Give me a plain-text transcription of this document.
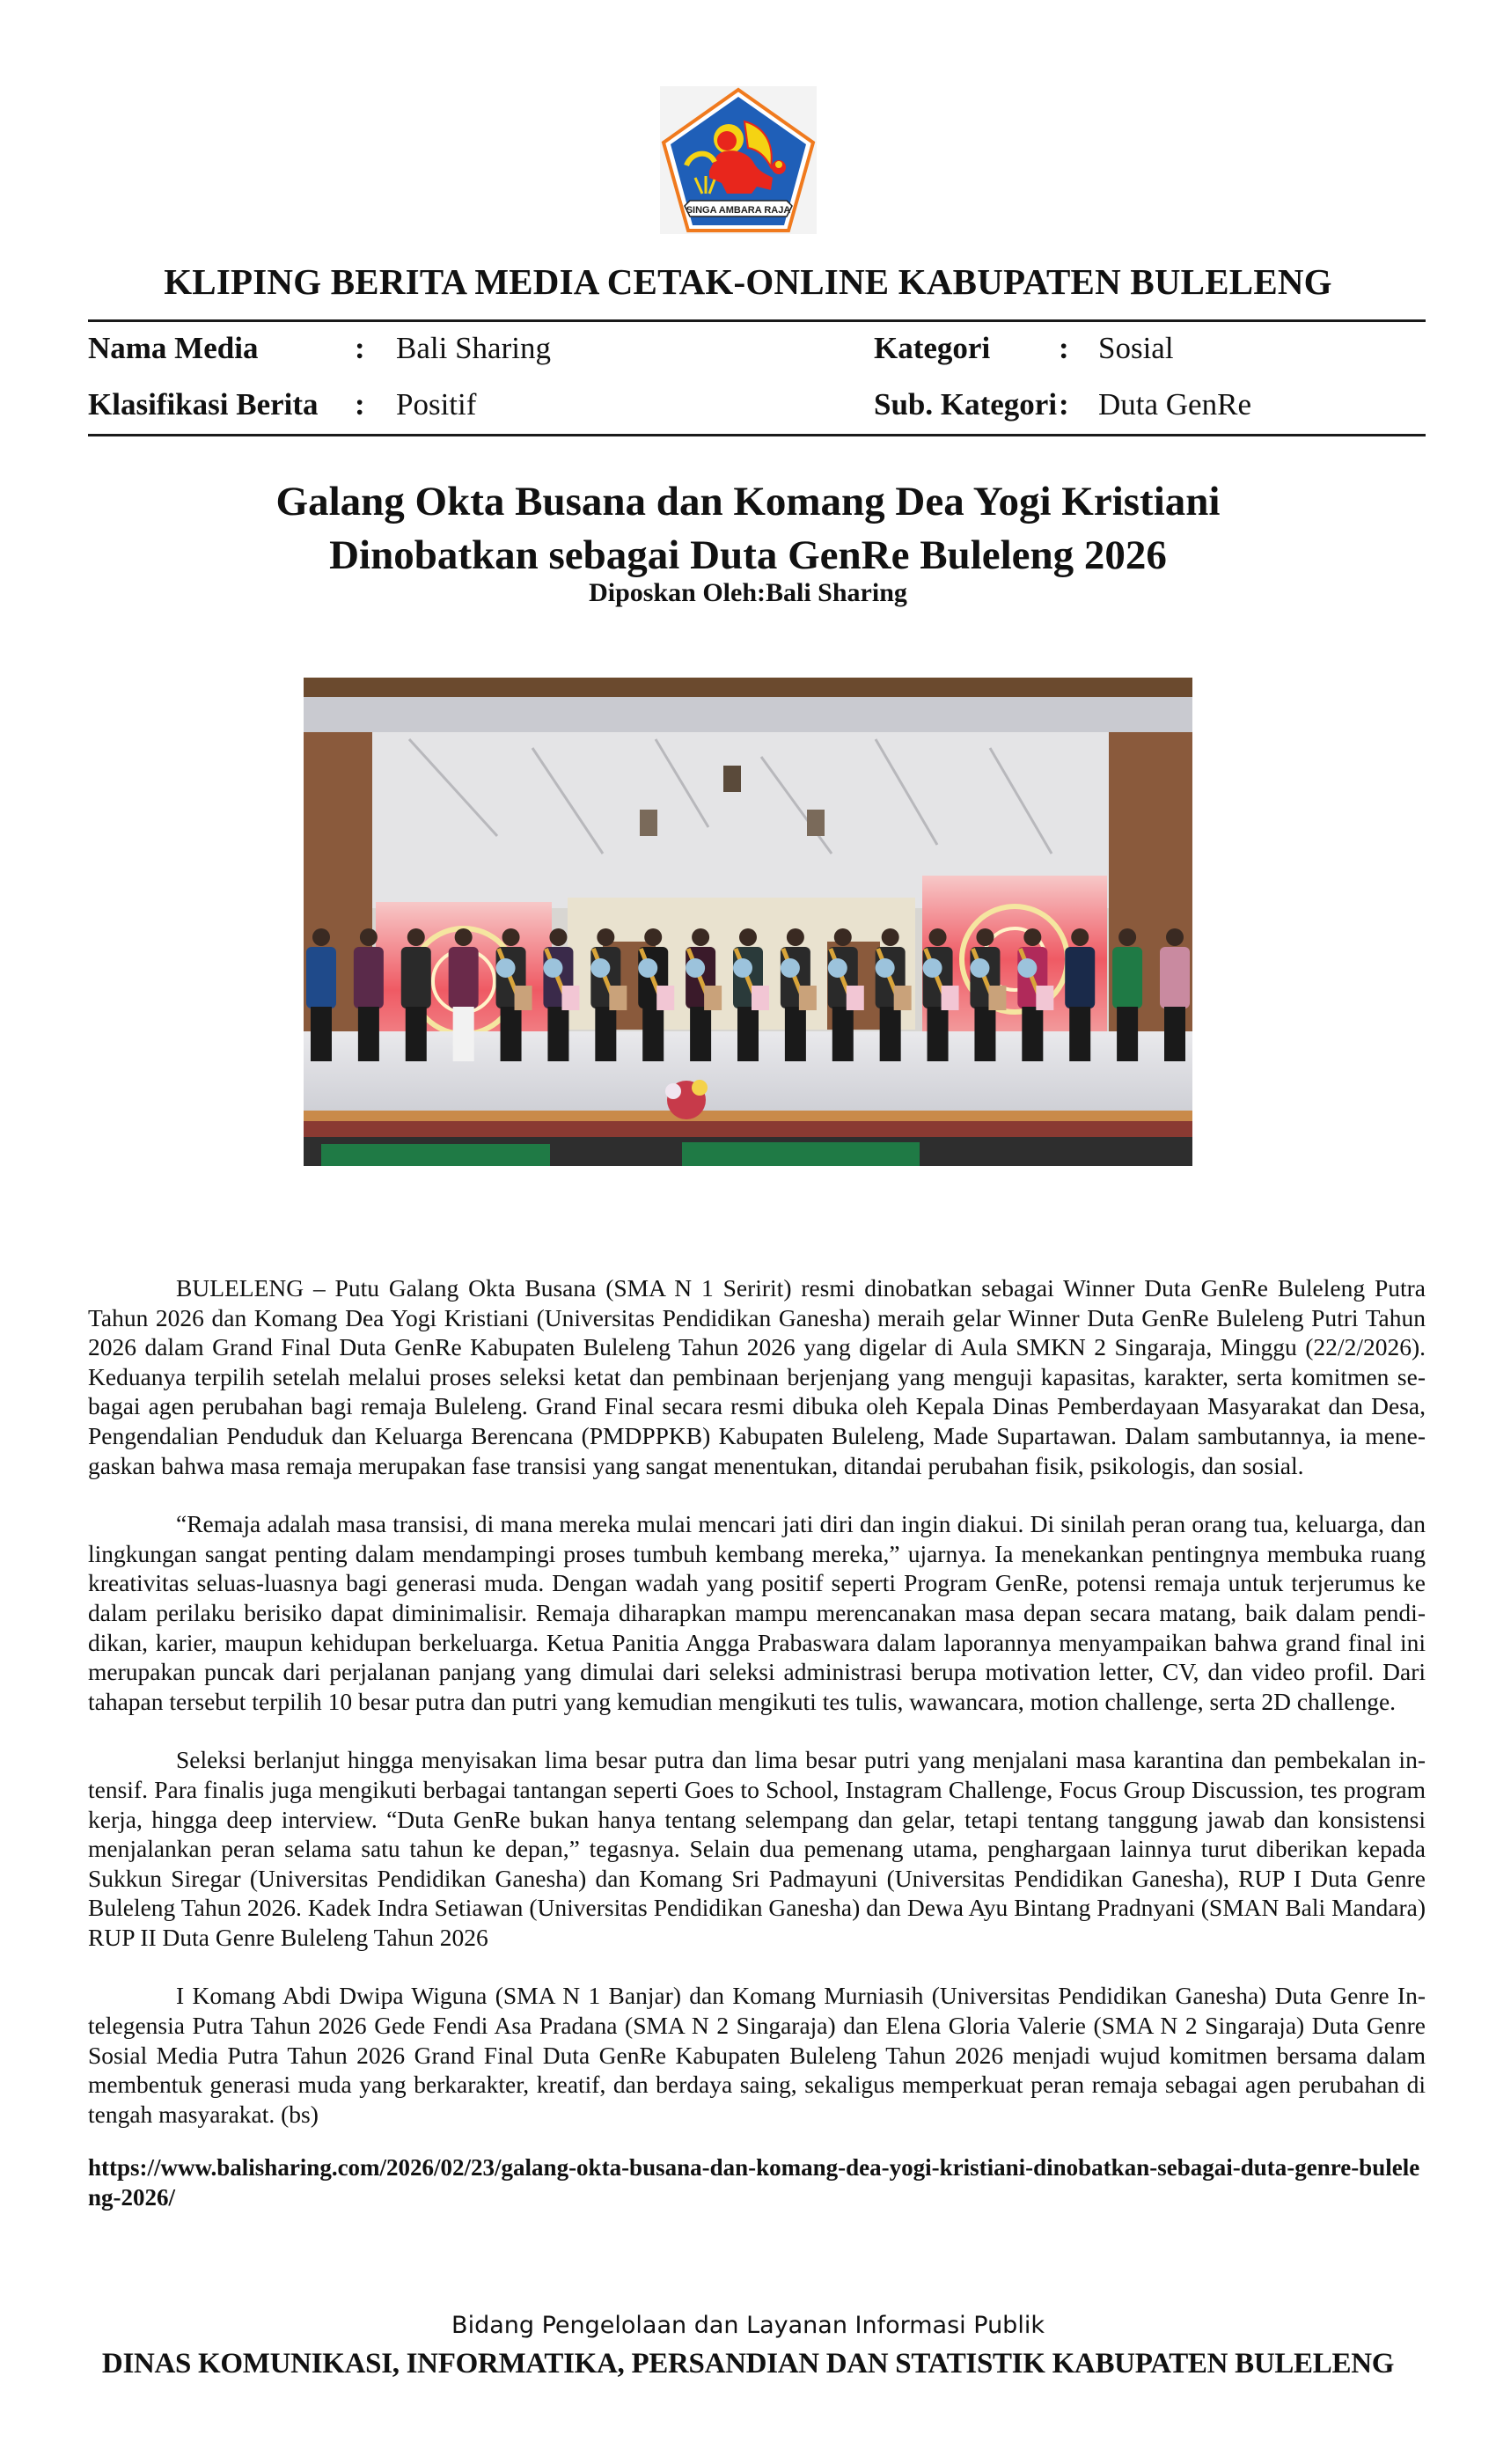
SINGA AMBARA RAJA
KLIPING BERITA MEDIA CETAK-ONLINE KABUPATEN BULELENG
Nama Media	: Bali Sharing
Klasifikasi Berita : Positif
Kategori : Sosial
Sub. Kategori : Duta GenRe
Galang Okta Busana dan Komang Dea Yogi Kristiani
Dinobatkan sebagai Duta GenRe Buleleng 2026
Diposkan Oleh:Bali Sharing

BULELENG – Putu Galang Okta Busana (SMA N 1 Seririt) resmi dinobatkan sebagai Winner Duta GenRe Buleleng Putra Tahun 2026 dan Komang Dea Yogi Kristiani (Universitas Pendidikan Ganesha) meraih gelar Winner Duta GenRe Buleleng Putri Tahun 2026 dalam Grand Final Duta GenRe Kabupaten Buleleng Tahun 2026 yang digelar di Aula SMKN 2 Singaraja, Minggu (22/2/2026). Keduanya terpilih setelah melalui proses seleksi ketat dan pembinaan berjenjang yang menguji kapasitas, karakter, serta komitmen sebagai agen perubahan bagi remaja Buleleng. Grand Final secara resmi dibuka oleh Kepala Dinas Pemberdayaan Masyarakat dan Desa, Pengendalian Penduduk dan Keluarga Berencana (PMDPPKB) Kabupaten Buleleng, Made Supartawan. Dalam sambutannya, ia menegaskan bahwa masa remaja merupakan fase transisi yang sangat menentukan, ditandai perubahan fisik, psikologis, dan sosial.

“Remaja adalah masa transisi, di mana mereka mulai mencari jati diri dan ingin diakui. Di sinilah peran orang tua, keluarga, dan lingkungan sangat penting dalam mendampingi proses tumbuh kembang mereka,” ujarnya. Ia menekankan pentingnya membuka ruang kreativitas seluas-luasnya bagi generasi muda. Dengan wadah yang positif seperti Program GenRe, potensi remaja untuk terjerumus ke dalam perilaku berisiko dapat diminimalisir. Remaja diharapkan mampu merencanakan masa depan secara matang, baik dalam pendidikan, karier, maupun kehidupan berkeluarga. Ketua Panitia Angga Prabaswara dalam laporannya menyampaikan bahwa grand final ini merupakan puncak dari perjalanan panjang yang dimulai dari seleksi administrasi berupa motivation letter, CV, dan video profil. Dari tahapan tersebut terpilih 10 besar putra dan putri yang kemudian mengikuti tes tulis, wawancara, motion challenge, serta 2D challenge.

Seleksi berlanjut hingga menyisakan lima besar putra dan lima besar putri yang menjalani masa karantina dan pembekalan intensif. Para finalis juga mengikuti berbagai tantangan seperti Goes to School, Instagram Challenge, Focus Group Discussion, tes program kerja, hingga deep interview. “Duta GenRe bukan hanya tentang selempang dan gelar, tetapi tentang tanggung jawab dan konsistensi menjalankan peran selama satu tahun ke depan,” tegasnya. Selain dua pemenang utama, penghargaan lainnya turut diberikan kepada Sukkun Siregar (Universitas Pendidikan Ganesha) dan Komang Sri Padmayuni (Universitas Pendidikan Ganesha), RUP I Duta Genre Buleleng Tahun 2026. Kadek Indra Setiawan (Universitas Pendidikan Ganesha) dan Dewa Ayu Bintang Pradnyani (SMAN Bali Mandara) RUP II Duta Genre Buleleng Tahun 2026

I Komang Abdi Dwipa Wiguna (SMA N 1 Banjar) dan Komang Murniasih (Universitas Pendidikan Ganesha) Duta Genre Intelegensia Putra Tahun 2026 Gede Fendi Asa Pradana (SMA N 2 Singaraja) dan Elena Gloria Valerie (SMA N 2 Singaraja) Duta Genre Sosial Media Putra Tahun 2026 Grand Final Duta GenRe Kabupaten Buleleng Tahun 2026 menjadi wujud komitmen bersama dalam membentuk generasi muda yang berkarakter, kreatif, dan berdaya saing, sekaligus memperkuat peran remaja sebagai agen perubahan di tengah masyarakat. (bs)

https://www.balisharing.com/2026/02/23/galang-okta-busana-dan-komang-dea-yogi-kristiani-dinobatkan-sebagai-duta-genre-buleleng-2026/
Bidang Pengelolaan dan Layanan Informasi Publik
DINAS KOMUNIKASI, INFORMATIKA, PERSANDIAN DAN STATISTIK KABUPATEN BULELENG
